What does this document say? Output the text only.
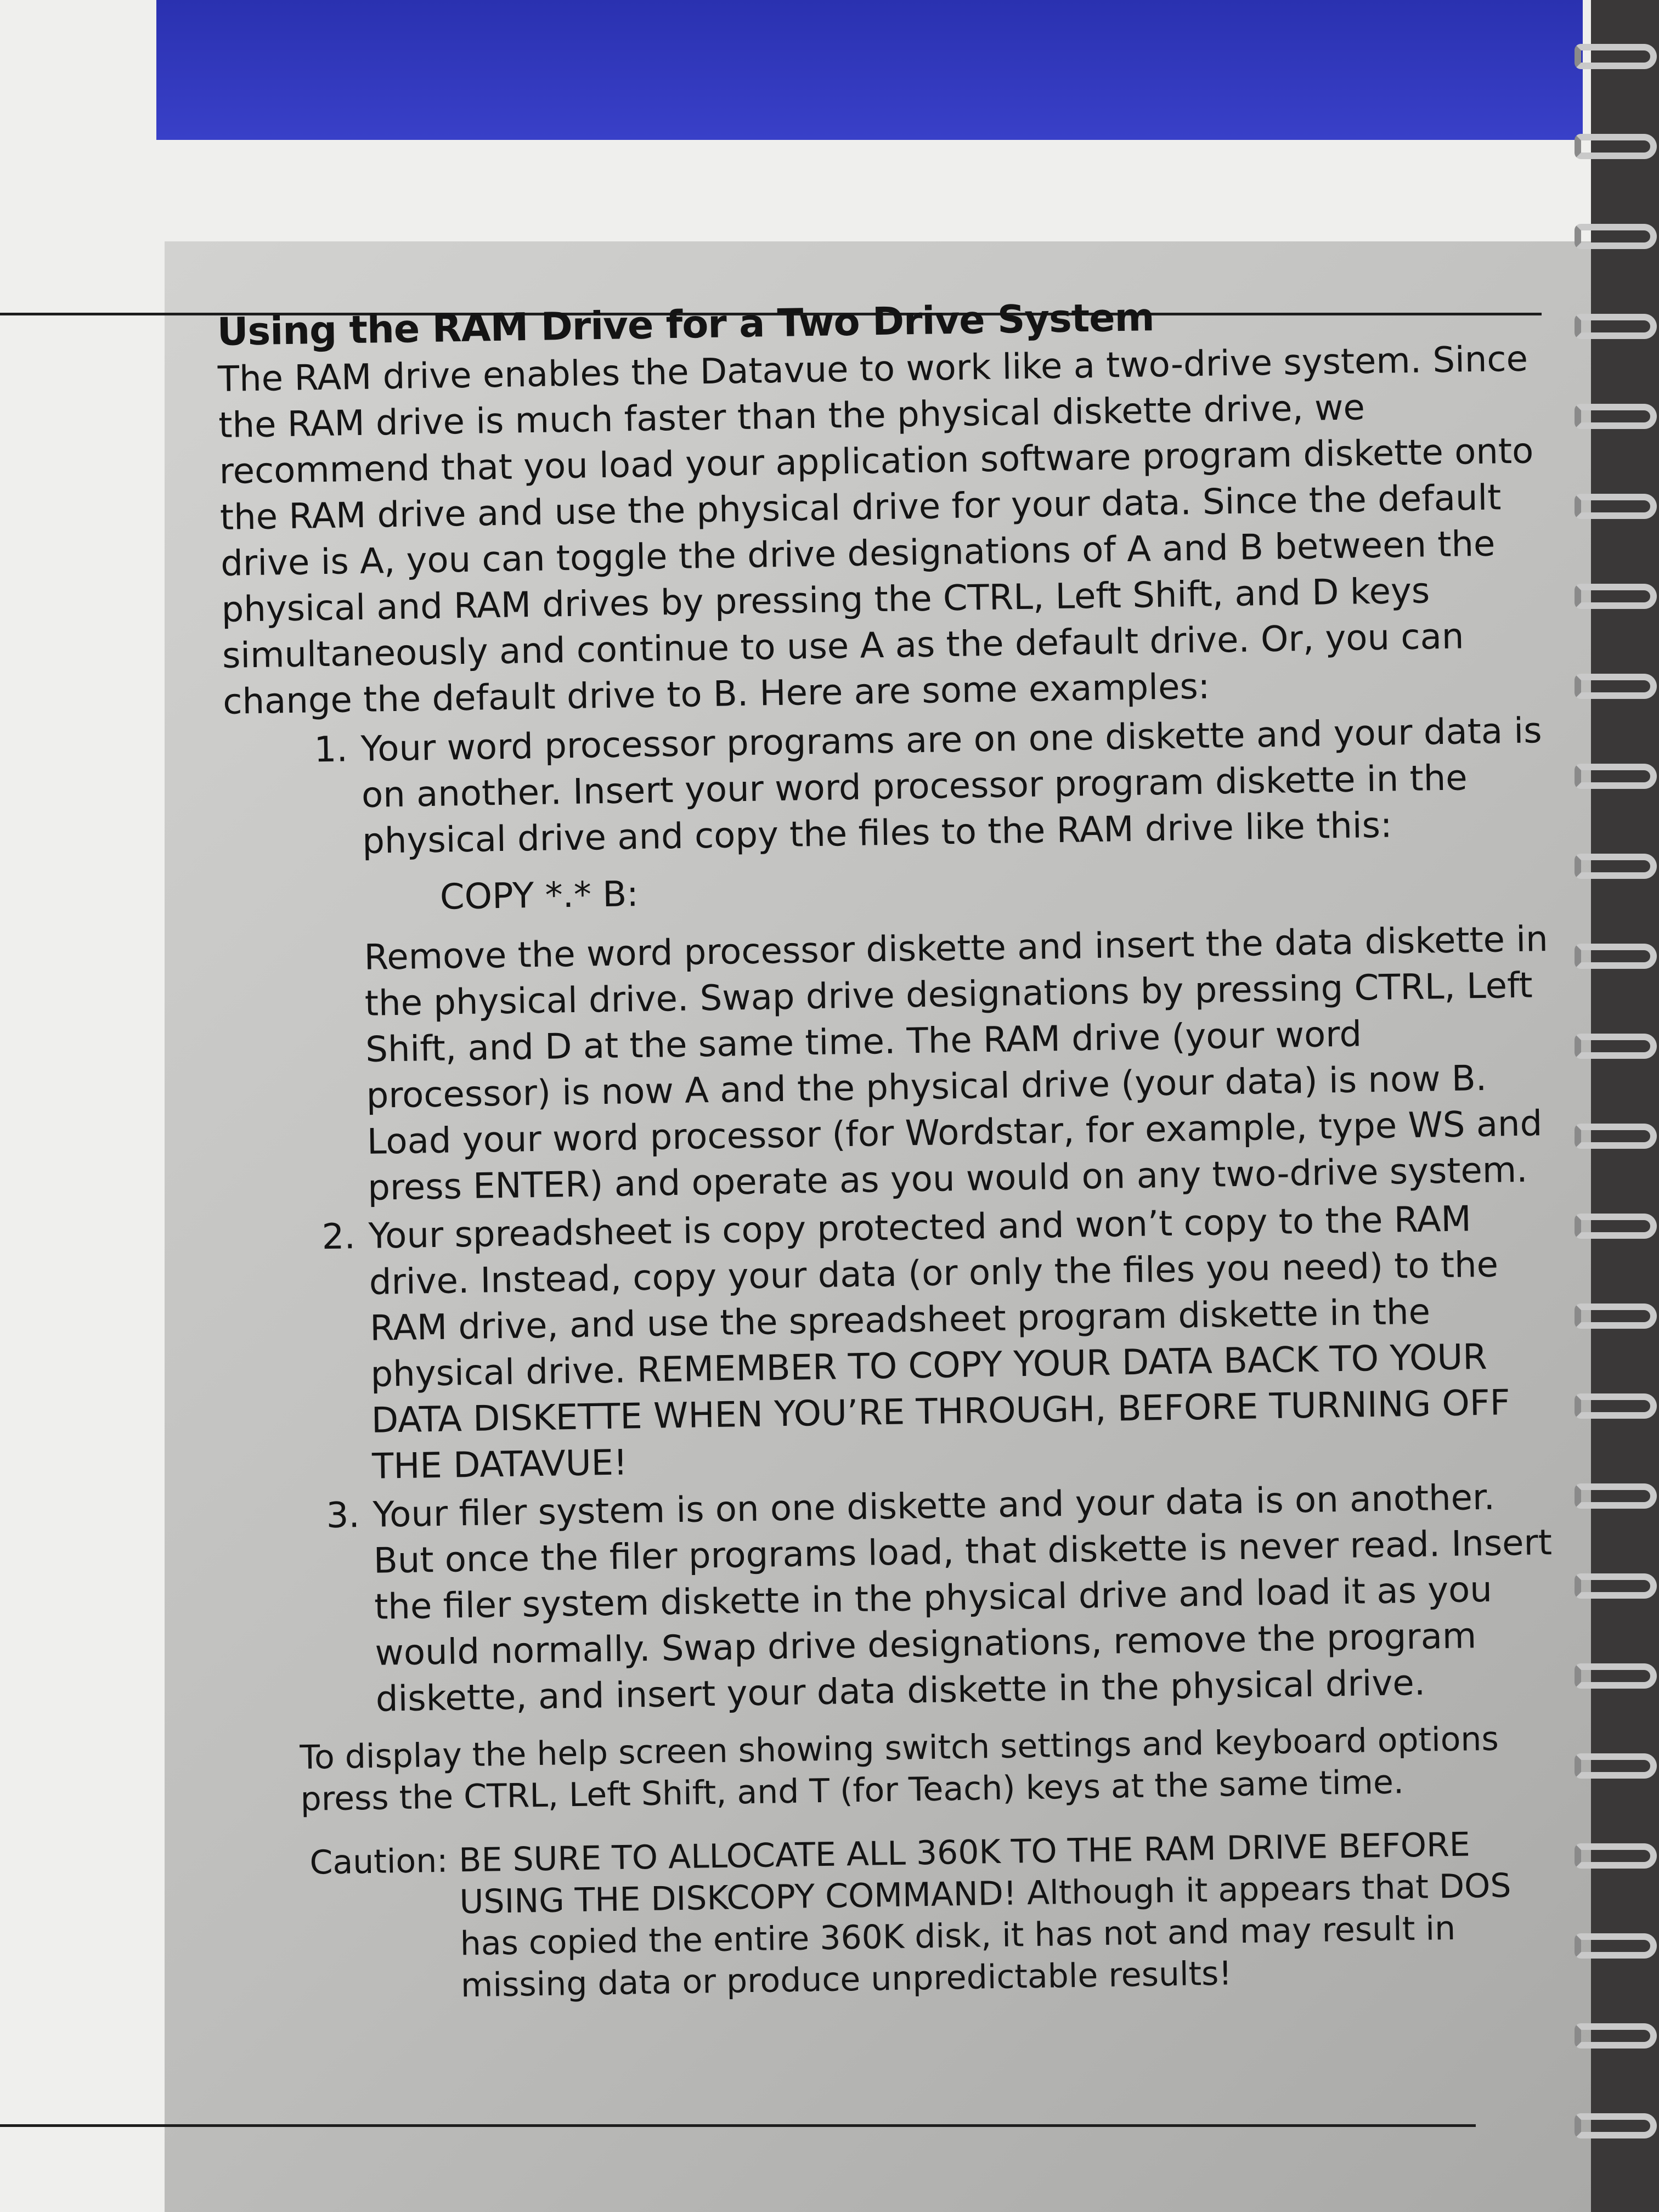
Using the RAM Drive for a Two Drive System

The RAM drive enables the Datavue to work like a two-drive system. Since the RAM drive is much faster than the physical diskette drive, we recommend that you load your application software program diskette onto the RAM drive and use the physical drive for your data. Since the default drive is A, you can toggle the drive designations of A and B between the physical and RAM drives by pressing the CTRL, Left Shift, and D keys simultaneously and continue to use A as the default drive. Or, you can change the default drive to B. Here are some examples:

1. Your word processor programs are on one diskette and your data is on another. Insert your word processor program diskette in the physical drive and copy the files to the RAM drive like this:

COPY *.* B:

Remove the word processor diskette and insert the data diskette in the physical drive. Swap drive designations by pressing CTRL, Left Shift, and D at the same time. The RAM drive (your word processor) is now A and the physical drive (your data) is now B. Load your word processor (for Wordstar, for example, type WS and press ENTER) and operate as you would on any two-drive system.

2. Your spreadsheet is copy protected and won’t copy to the RAM drive. Instead, copy your data (or only the files you need) to the RAM drive, and use the spreadsheet program diskette in the physical drive. REMEMBER TO COPY YOUR DATA BACK TO YOUR DATA DISKETTE WHEN YOU’RE THROUGH, BEFORE TURNING OFF THE DATAVUE!

3. Your filer system is on one diskette and your data is on another. But once the filer programs load, that diskette is never read. Insert the filer system diskette in the physical drive and load it as you would normally. Swap drive designations, remove the program diskette, and insert your data diskette in the physical drive.

To display the help screen showing switch settings and keyboard options press the CTRL, Left Shift, and T (for Teach) keys at the same time.

Caution: BE SURE TO ALLOCATE ALL 360K TO THE RAM DRIVE BEFORE USING THE DISKCOPY COMMAND! Although it appears that DOS has copied the entire 360K disk, it has not and may result in missing data or produce unpredictable results!
